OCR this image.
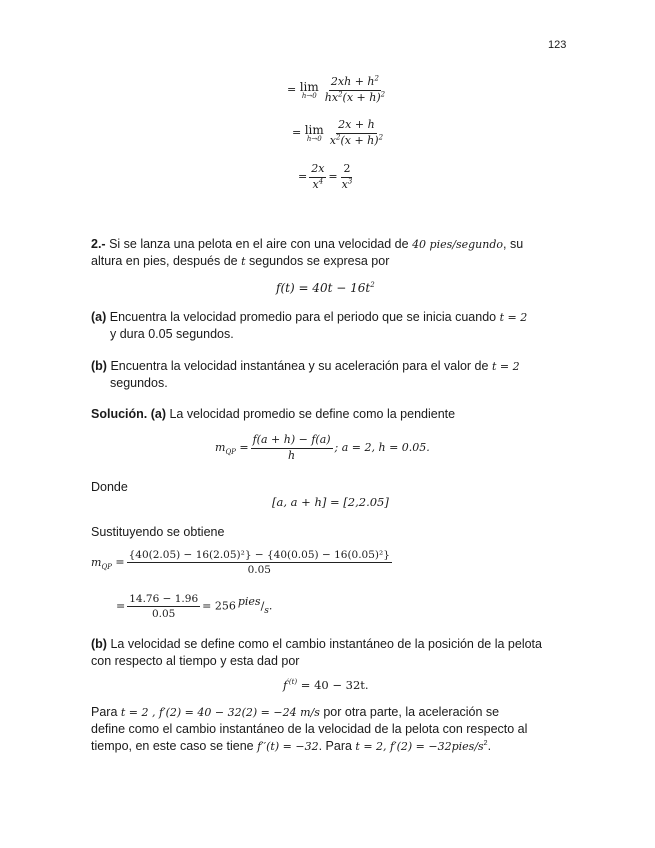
123
= lim
$h\to 0 \frac{2xh + h^2}{hx^2(x + h)^2}$
= lim
$h\to 0 \frac{2x + h}{x^2(x + h)^2}$
= $\frac{2x}{x^4} = \frac{2}{x^3}$
2.- Si se lanza una pelota en el aire con una velocidad de 40 pies/segundo, su
altura en pies, después de t segundos se expresa por
$f(t) = 40t - 16t^2$
(a) Encuentra la velocidad promedio para el periodo que se inicia cuando t = 2
y dura 0.05 segundos.
(b) Encuentra la velocidad instantánea y su aceleración para el valor de t = 2
segundos.
Solución. (a) La velocidad promedio se define como la pendiente
$m_{QP} = \frac{f(a + h) - f(a)}{h}$ ; a = 2, h = 0.05.
Donde
[a, a + h] = [2,2.05]
Sustituyendo se obtiene
$m_{QP} = \frac{\text{\{40(2.05) − 16(2.05)²\} − \{40(0.05) − 16(0.05)²\}}}{0.05}$
= $\frac{14.76 - 1.96}{0.05} = 256$ pies/$_s$.
(b) La velocidad se define como el cambio instantáneo de la posición de la pelota
con respecto al tiempo y esta dad por
$f^{'(t)} = 40 - 32t$.
Para t = 2 , f′(2) = 40 − 32(2) = −24 m/s por otra parte, la aceleración se
define como el cambio instantáneo de la velocidad de la pelota con respecto al
tiempo, en este caso se tiene f′′(t) = −32. Para t = 2, $f'(2) = -32pies/s^2$.
